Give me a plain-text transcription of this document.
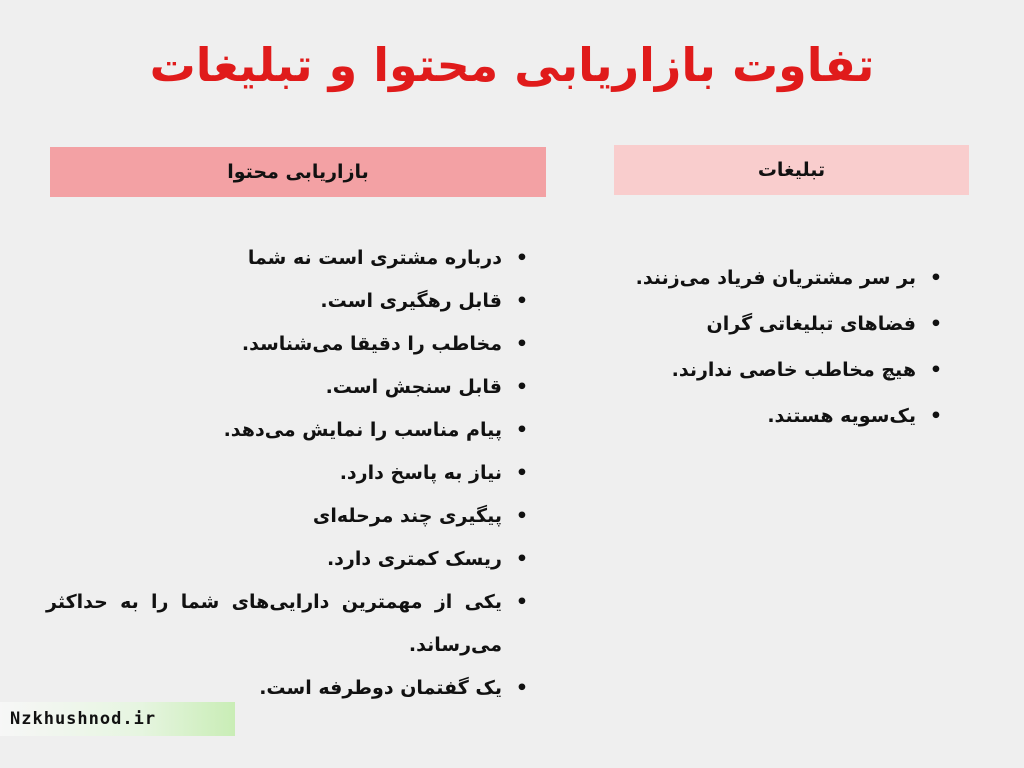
تفاوت بازاریابی محتوا و تبلیغات
تبلیغات
بازاریابی محتوا
•
بر سر مشتریان فریاد می‌زنند.
•
فضاهای تبلیغاتی گران
•
هیچ مخاطب خاصی ندارند.
•
یک‌سویه هستند.
•
درباره مشتری است نه شما
•
قابل رهگیری است.
•
مخاطب را دقیقا می‌شناسد.
•
قابل سنجش است.
•
پیام مناسب را نمایش می‌دهد.
•
نیاز به پاسخ دارد.
•
پیگیری چند مرحله‌ای
•
ریسک کمتری دارد.
•
یکی از مهمترین دارایی‌های شما را به حداکثر می‌رساند.
•
یک گفتمان دوطرفه است.
Nzkhushnod.ir
